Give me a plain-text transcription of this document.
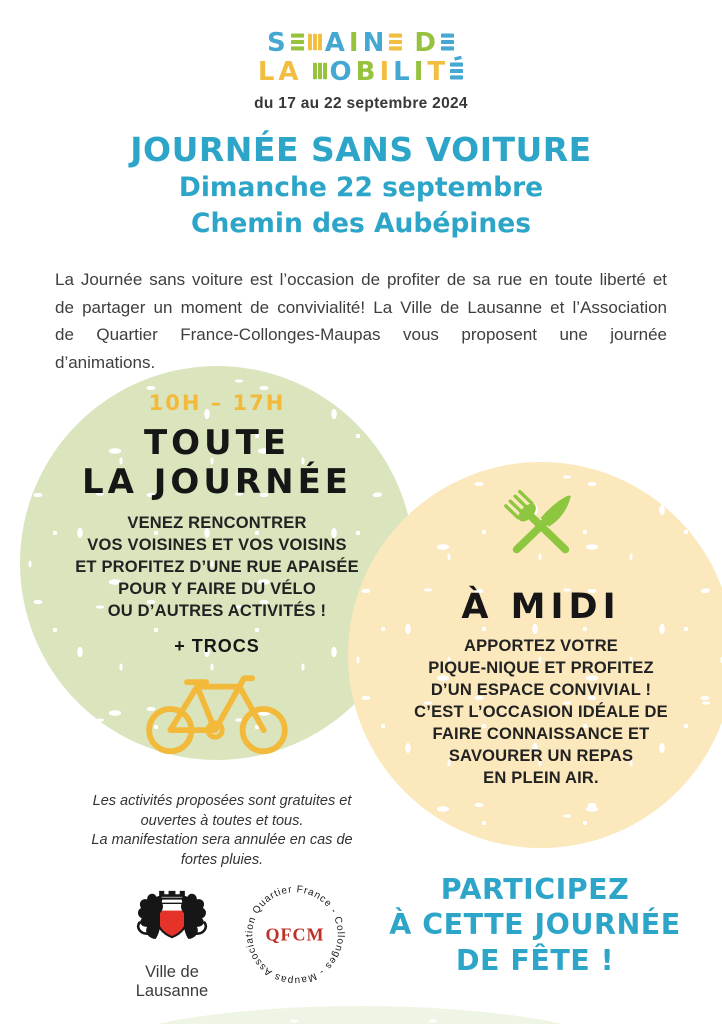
S AIN D
LA OBILIT
du 17 au 22 septembre 2024
JOURNÉE SANS VOITURE
Dimanche 22 septembre
Chemin des Aubépines

La Journée sans voiture est l’occasion de profiter de sa rue en toute liberté et de partager un moment de convivialité! La Ville de Lausanne et l’Association de Quartier France-Collonges-Maupas vous proposent une journée d’animations.

10H – 17H
TOUTE
LA JOURNÉE
VENEZ RENCONTRER
VOS VOISINES ET VOS VOISINS
ET PROFITEZ D’UNE RUE APAISÉE
POUR Y FAIRE DU VÉLO
OU D’AUTRES ACTIVITÉS !
+ TROCS
À MIDI
APPORTEZ VOTRE
PIQUE-NIQUE ET PROFITEZ
D’UN ESPACE CONVIVIAL !
C’EST L’OCCASION IDÉALE DE
FAIRE CONNAISSANCE ET
SAVOURER UN REPAS
EN PLEIN AIR.
Les activités proposées sont gratuites et
ouvertes à toutes et tous.
La manifestation sera annulée en cas de
fortes pluies.
Ville de Lausanne
Association Quartier France - Collonges - Maupas
QFCM
PARTICIPEZ
À CETTE JOURNÉE
DE FÊTE !
